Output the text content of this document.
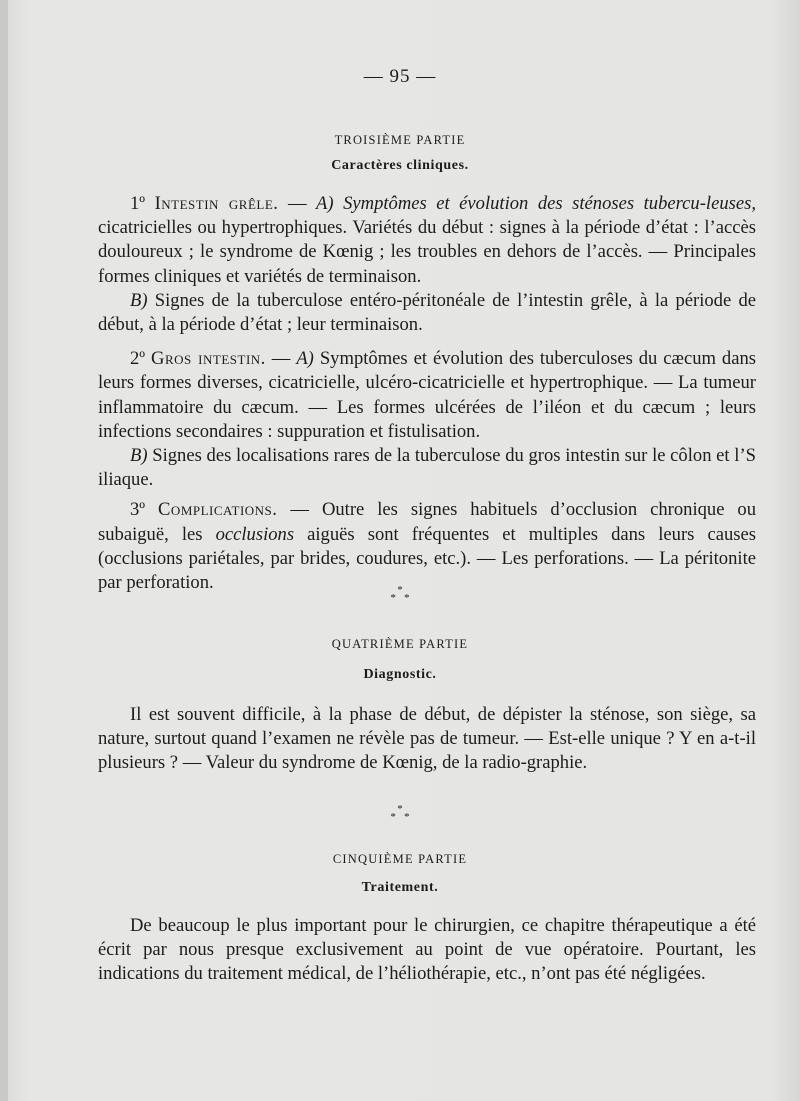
— 95 —
TROISIÈME PARTIE
Caractères cliniques.

1º Intestin grêle. — A) Symptômes et évolution des sténoses tubercu-leuses, cicatricielles ou hypertrophiques. Variétés du début : signes à la période d’état : l’accès douloureux ; le syndrome de Kœnig ; les troubles en dehors de l’accès. — Principales formes cliniques et variétés de terminaison.

B) Signes de la tuberculose entéro-péritonéale de l’intestin grêle, à la période de début, à la période d’état ; leur terminaison.

2º Gros intestin. — A) Symptômes et évolution des tuberculoses du cæcum dans leurs formes diverses, cicatricielle, ulcéro-cicatricielle et hypertrophique. — La tumeur inflammatoire du cæcum. — Les formes ulcérées de l’iléon et du cæcum ; leurs infections secondaires : suppuration et fistulisation.

B) Signes des localisations rares de la tuberculose du gros intestin sur le côlon et l’S iliaque.

3º Complications. — Outre les signes habituels d’occlusion chronique ou subaiguë, les occlusions aiguës sont fréquentes et multiples dans leurs causes (occlusions pariétales, par brides, coudures, etc.). — Les perforations. — La péritonite par perforation.	*
* *
QUATRIÈME PARTIE
Diagnostic.

Il est souvent difficile, à la phase de début, de dépister la sténose, son siège, sa nature, surtout quand l’examen ne révèle pas de tumeur. — Est-elle unique ? Y en a-t-il plusieurs ? — Valeur du syndrome de Kœnig, de la radio-graphie.

*
* *
CINQUIÈME PARTIE
Traitement.

De beaucoup le plus important pour le chirurgien, ce chapitre thérapeutique a été écrit par nous presque exclusivement au point de vue opératoire. Pourtant, les indications du traitement médical, de l’héliothérapie, etc., n’ont pas été négligées.
